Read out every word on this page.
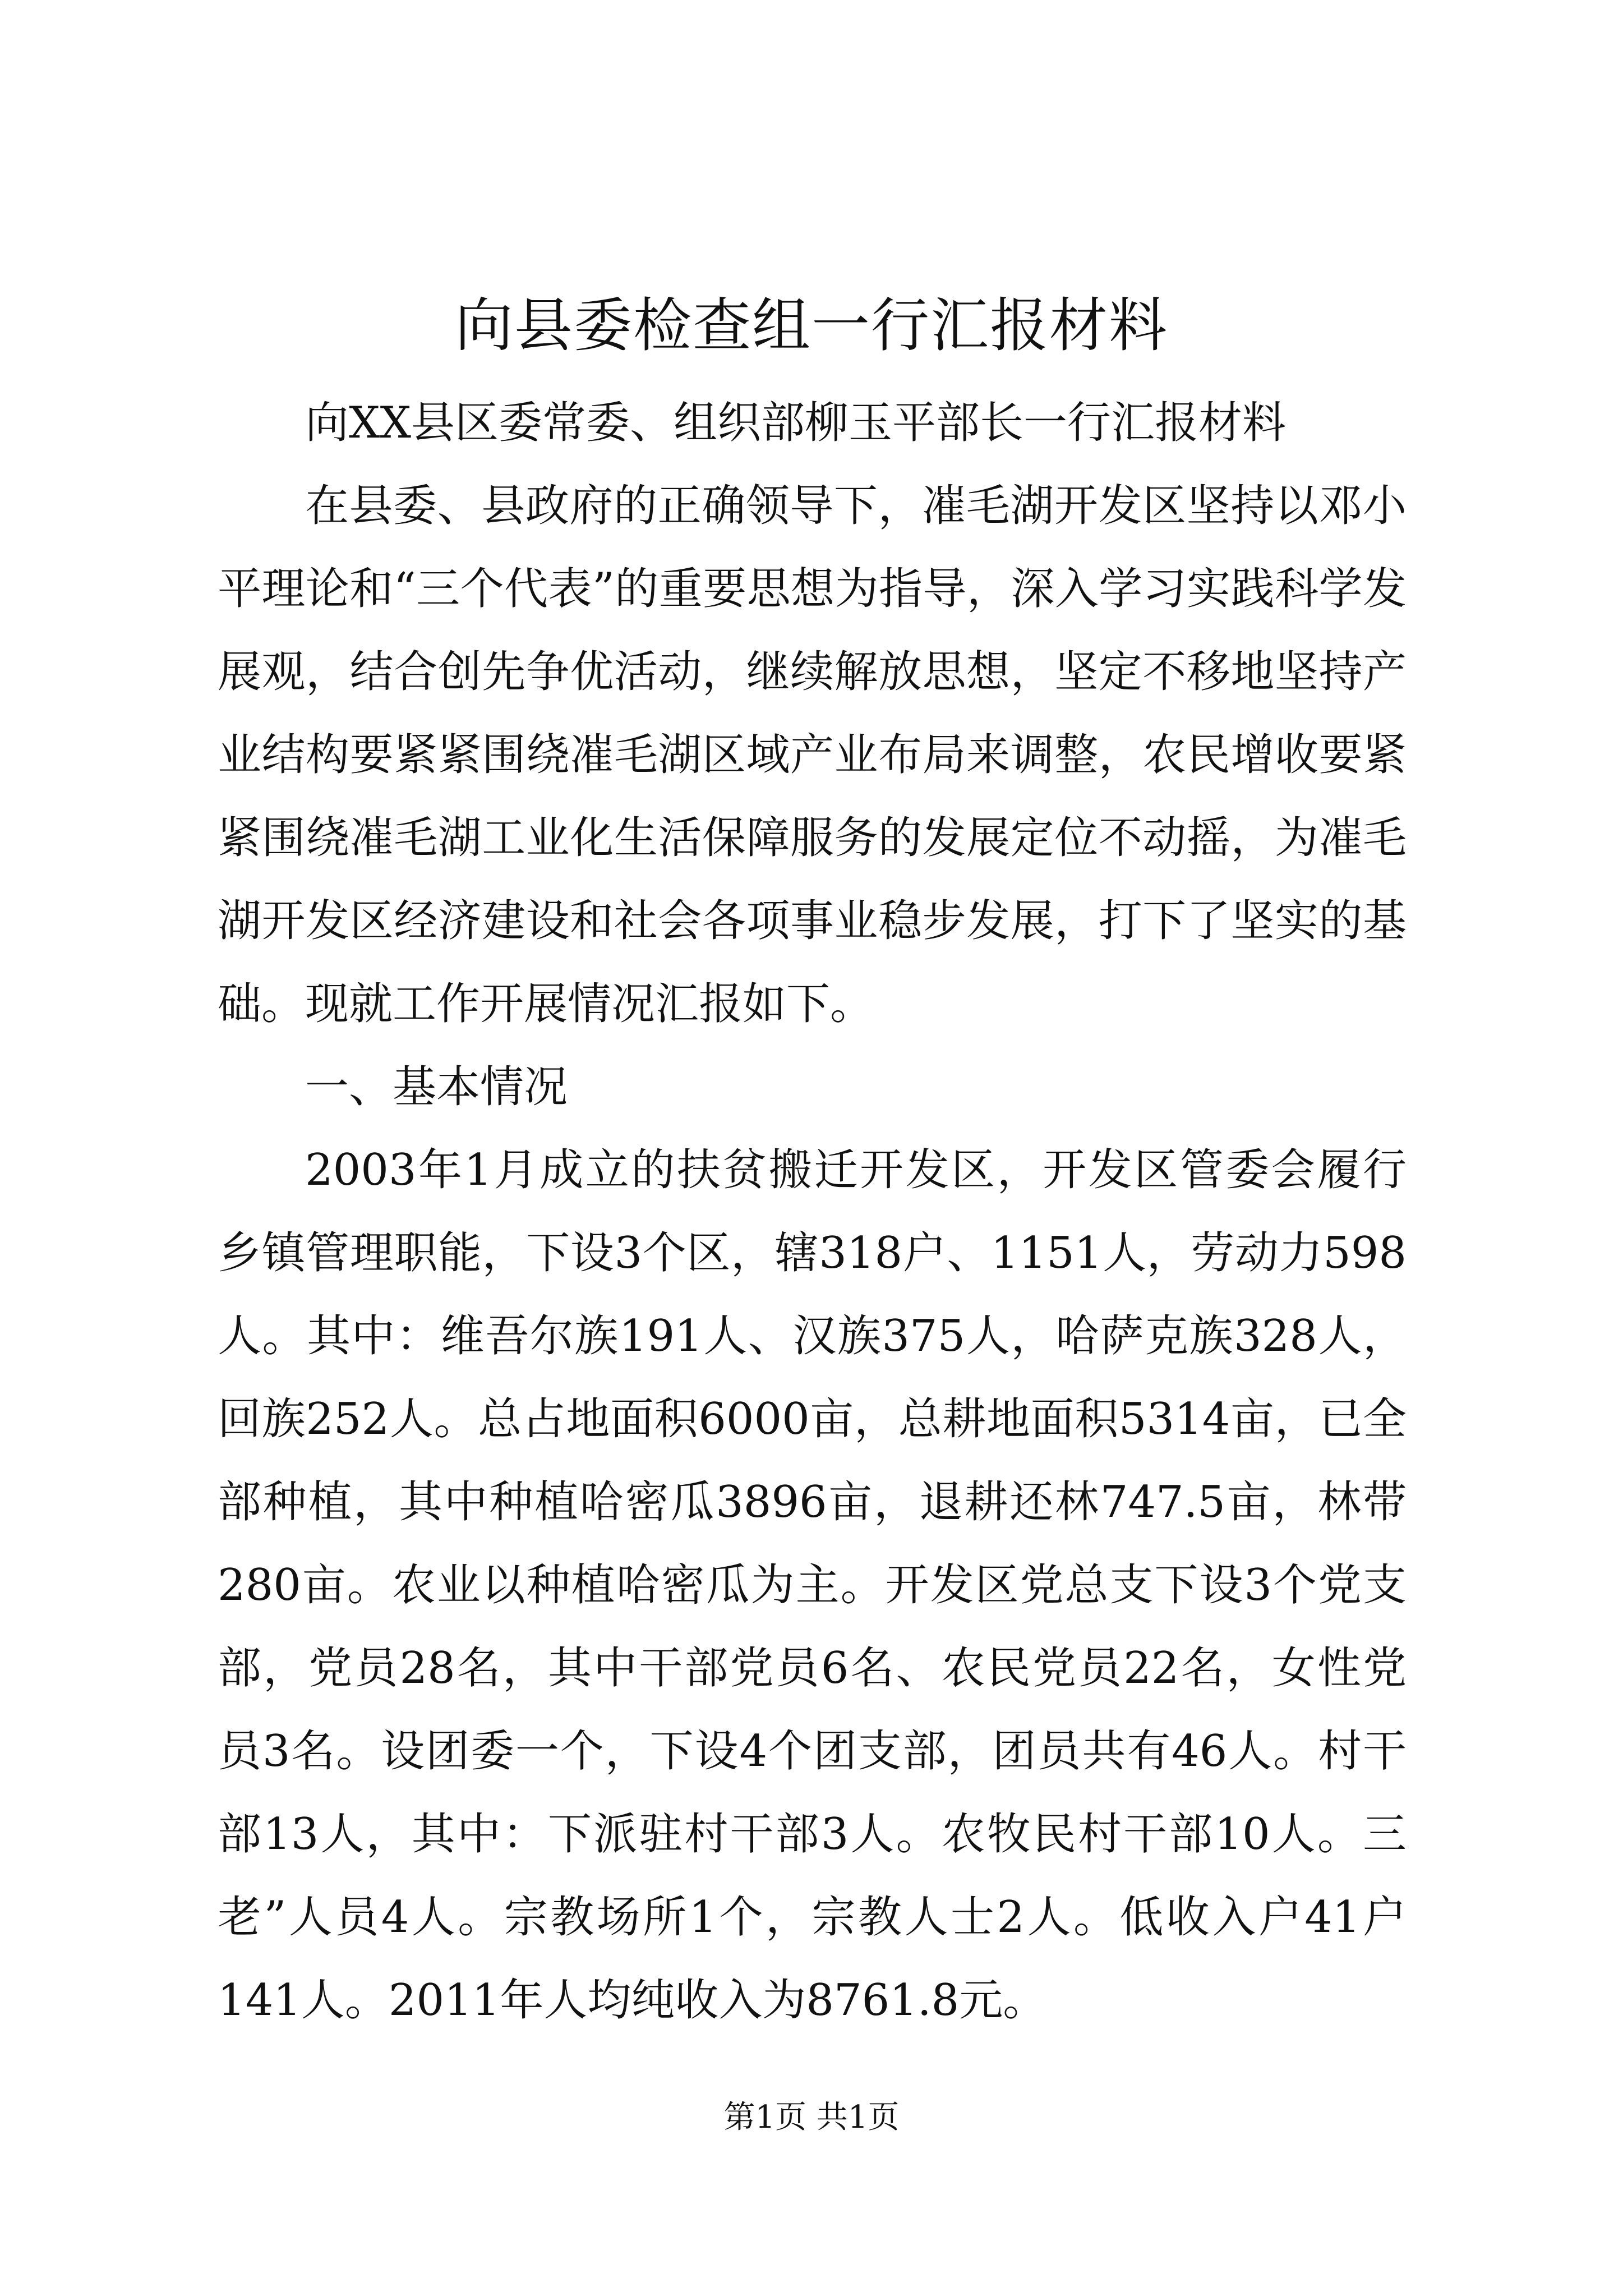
向县委检查组一行汇报材料

向XX县区委常委、组织部柳玉平部长一行汇报材料

在县委、县政府的正确领导下，凗毛湖开发区坚持以邓小平理论和“三个代表”的重要思想为指导，深入学习实践科学发展观，结合创先争优活动，继续解放思想，坚定不移地坚持产业结构要紧紧围绕凗毛湖区域产业布局来调整，农民增收要紧紧围绕凗毛湖工业化生活保障服务的发展定位不动摇，为凗毛湖开发区经济建设和社会各项事业稳步发展，打下了坚实的基础。现就工作开展情况汇报如下。

一、基本情况

2003年1月成立的扶贫搬迁开发区，开发区管委会履行乡镇管理职能，下设3个区，辖318户、1151人，劳动力598人。其中：维吾尔族191人、汉族375人，哈萨克族328人，回族252人。总占地面积6000亩，总耕地面积5314亩，已全部种植，其中种植哈密瓜3896亩，退耕还林747.5亩，林带280亩。农业以种植哈密瓜为主。开发区党总支下设3个党支部，党员28名，其中干部党员6名、农民党员22名，女性党员3名。设团委一个，下设4个团支部，团员共有46人。村干部13人，其中：下派驻村干部3人。农牧民村干部10人。三老”人员4人。宗教场所1个，宗教人士2人。低收入户41户141人。2011年人均纯收入为8761.8元。

第1页 共1页
